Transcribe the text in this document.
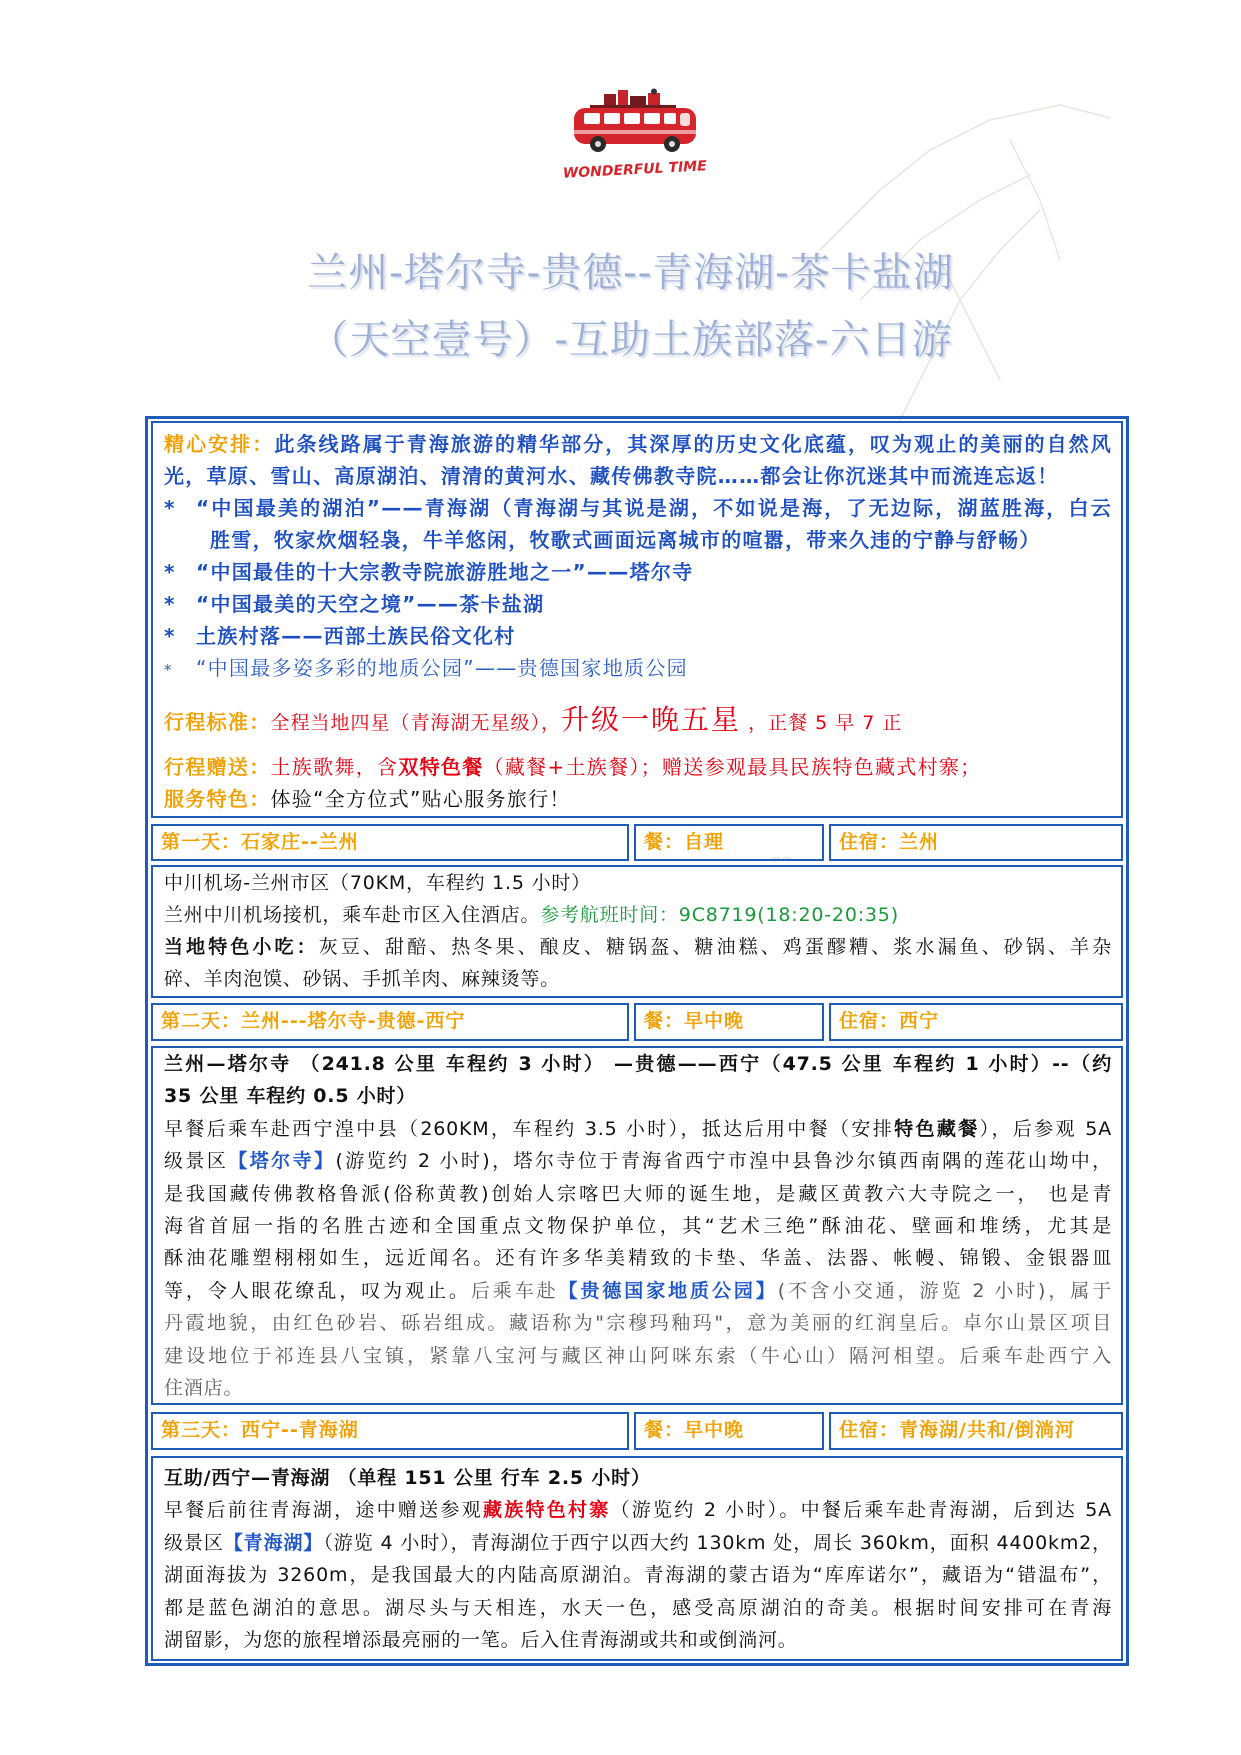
WONDERFUL TIME
兰州-塔尔寺-贵德--青海湖-茶卡盐湖
（天空壹号）-互助土族部落-六日游
精心安排：此条线路属于青海旅游的精华部分，其深厚的历史文化底蕴，叹为观止的美丽的自然风
光，草原、雪山、高原湖泊、清清的黄河水、藏传佛教寺院……都会让你沉迷其中而流连忘返！
* “中国最美的湖泊”——青海湖（青海湖与其说是湖，不如说是海，了无边际，湖蓝胜海，白云
胜雪，牧家炊烟轻袅，牛羊悠闲，牧歌式画面远离城市的喧嚣，带来久违的宁静与舒畅）
* “中国最佳的十大宗教寺院旅游胜地之一”——塔尔寺
* “中国最美的天空之境”——茶卡盐湖
* 土族村落——西部土族民俗文化村
* “中国最多姿多彩的地质公园”——贵德国家地质公园
行程标准：全程当地四星（青海湖无星级），升级一晚五星 ，正餐 5 早 7 正
行程赠送：土族歌舞，含双特色餐（藏餐+土族餐）；赠送参观最具民族特色藏式村寨；
服务特色：体验“全方位式”贴心服务旅行！
第一天：石家庄--兰州	餐：自理	住宿：兰州
中川机场-兰州市区（70KM，车程约 1.5 小时）
兰州中川机场接机，乘车赴市区入住酒店。参考航班时间：9C8719(18:20-20:35)
当地特色小吃：灰豆、甜醅、热冬果、酿皮、糖锅盔、糖油糕、鸡蛋醪糟、浆水漏鱼、砂锅、羊杂
碎、羊肉泡馍、砂锅、手抓羊肉、麻辣烫等。
第二天：兰州---塔尔寺-贵德-西宁	餐：早中晚	住宿：西宁
兰州—塔尔寺 （241.8 公里 车程约 3 小时） —贵德——西宁（47.5 公里 车程约 1 小时）--（约
35 公里 车程约 0.5 小时）
早餐后乘车赴西宁湟中县（260KM，车程约 3.5 小时），抵达后用中餐（安排特色藏餐），后参观 5A
级景区【塔尔寺】(游览约 2 小时)，塔尔寺位于青海省西宁市湟中县鲁沙尔镇西南隅的莲花山坳中，
是我国藏传佛教格鲁派(俗称黄教)创始人宗喀巴大师的诞生地，是藏区黄教六大寺院之一， 也是青
海省首屈一指的名胜古迹和全国重点文物保护单位，其“艺术三绝”酥油花、壁画和堆绣，尤其是
酥油花雕塑栩栩如生，远近闻名。还有许多华美精致的卡垫、华盖、法器、帐幔、锦锻、金银器皿
等，令人眼花缭乱，叹为观止。后乘车赴【贵德国家地质公园】(不含小交通，游览 2 小时)，属于
丹霞地貌，由红色砂岩、砾岩组成。藏语称为"宗穆玛釉玛"，意为美丽的红润皇后。卓尔山景区项目
建设地位于祁连县八宝镇，紧靠八宝河与藏区神山阿咪东索（牛心山）隔河相望。后乘车赴西宁入
住酒店。
第三天：西宁--青海湖	餐：早中晚	住宿：青海湖/共和/倒淌河
互助/西宁—青海湖 （单程 151 公里 行车 2.5 小时）
早餐后前往青海湖，途中赠送参观藏族特色村寨（游览约 2 小时）。中餐后乘车赴青海湖，后到达 5A
级景区【青海湖】（游览 4 小时），青海湖位于西宁以西大约 130km 处，周长 360km，面积 4400km2，
湖面海拔为 3260m，是我国最大的内陆高原湖泊。青海湖的蒙古语为“库库诺尔”，藏语为“错温布”，
都是蓝色湖泊的意思。湖尽头与天相连，水天一色，感受高原湖泊的奇美。根据时间安排可在青海
湖留影，为您的旅程增添最亮丽的一笔。后入住青海湖或共和或倒淌河。
